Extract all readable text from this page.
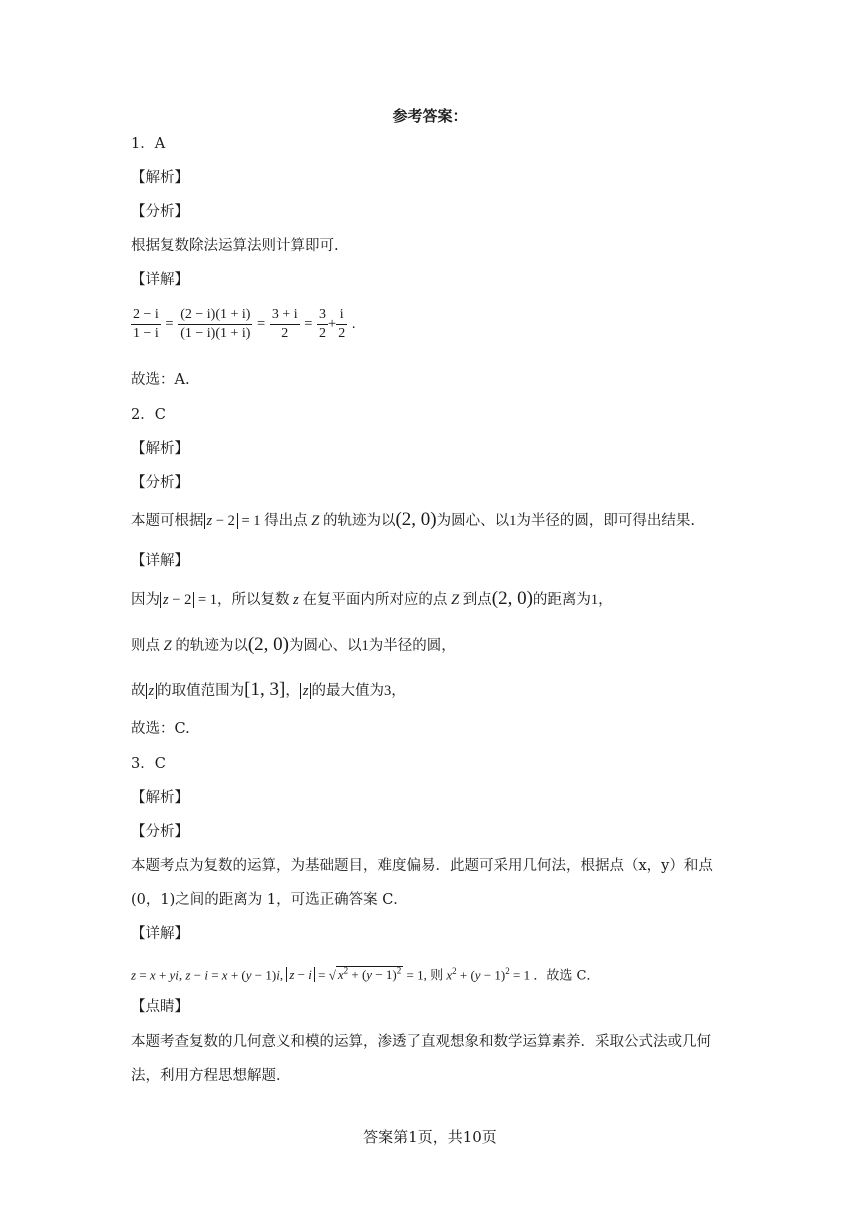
参考答案：
1．A
【解析】
【分析】
根据复数除法运算法则计算即可.
【详解】
$\frac{2 - i}{1 - i} = \frac{(2 - i)(1 + i)}{(1 - i)(1 + i)} = \frac{3 + i}{2} = \frac{3}{2} + \frac{i}{2}$ .
故选：A.
2．C
【解析】
【分析】
本题可根据 z − 2 = 1 得出点 Z 的轨迹为以(2, 0)为圆心、以1为半径的圆，即可得出结果.
【详解】
因为 z − 2 = 1，所以复数 z 在复平面内所对应的点 Z 到点(2, 0)的距离为1，
则点 Z 的轨迹为以(2, 0)为圆心、以1为半径的圆，
故 z 的取值范围为[1, 3]， z 的最大值为3，
故选：C.
3．C
【解析】
【分析】
本题考点为复数的运算，为基础题目，难度偏易．此题可采用几何法，根据点（x，y）和点
(0，1)之间的距离为 1，可选正确答案 C．
【详解】
z = x + yi, z − i = x + (y − 1)i, z − i = √ $x^2 + (y - 1)^2 = 1$, 则 $x^2 + (y - 1)^2 = 1$ ．故选 C．
【点睛】
本题考查复数的几何意义和模的运算，渗透了直观想象和数学运算素养．采取公式法或几何
法，利用方程思想解题．
答案第1页，共10页
